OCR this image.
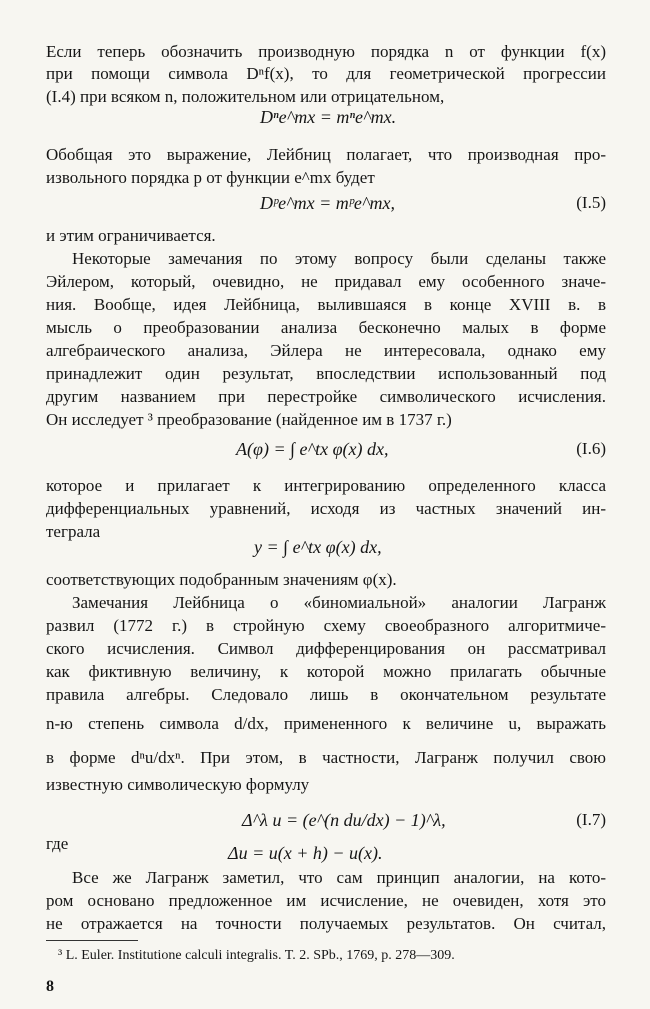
Если теперь обозначить производную порядка n от функции f(x)
при помощи символа Dⁿf(x), то для геометрической прогрессии
(I.4) при всяком n, положительном или отрицательном,
Dⁿe^mx = mⁿe^mx.
Обобщая это выражение, Лейбниц полагает, что производная про-
извольного порядка p от функции e^mx будет
Dᵖe^mx = mᵖe^mx,	(I.5)
и этим ограничивается.
Некоторые замечания по этому вопросу были сделаны также
Эйлером, который, очевидно, не придавал ему особенного значе-
ния. Вообще, идея Лейбница, вылившаяся в конце XVIII в. в
мысль о преобразовании анализа бесконечно малых в форме
алгебраического анализа, Эйлера не интересовала, однако ему
принадлежит один результат, впоследствии использованный под
другим названием при перестройке символического исчисления.
Он исследует ³ преобразование (найденное им в 1737 г.)
A(φ) = ∫ e^tx φ(x) dx,	(I.6)
которое и прилагает к интегрированию определенного класса
дифференциальных уравнений, исходя из частных значений ин-
теграла
y = ∫ e^tx φ(x) dx,
соответствующих подобранным значениям φ(x).
Замечания Лейбница о «биномиальной» аналогии Лагранж
развил (1772 г.) в стройную схему своеобразного алгоритмиче-
ского исчисления. Символ дифференцирования он рассматривал
как фиктивную величину, к которой можно прилагать обычные
правила алгебры. Следовало лишь в окончательном результате
n-ю степень символа d/dx, примененного к величине u, выражать
в форме dⁿu/dxⁿ. При этом, в частности, Лагранж получил свою
известную символическую формулу
Δ^λ u = (e^(n du/dx) − 1)^λ,	(I.7)
где	Δu = u(x + h) − u(x).
Все же Лагранж заметил, что сам принцип аналогии, на кото-
ром основано предложенное им исчисление, не очевиден, хотя это
не отражается на точности получаемых результатов. Он считал,
³ L. Euler. Institutione calculi integralis. T. 2. SPb., 1769, p. 278—309.
8
